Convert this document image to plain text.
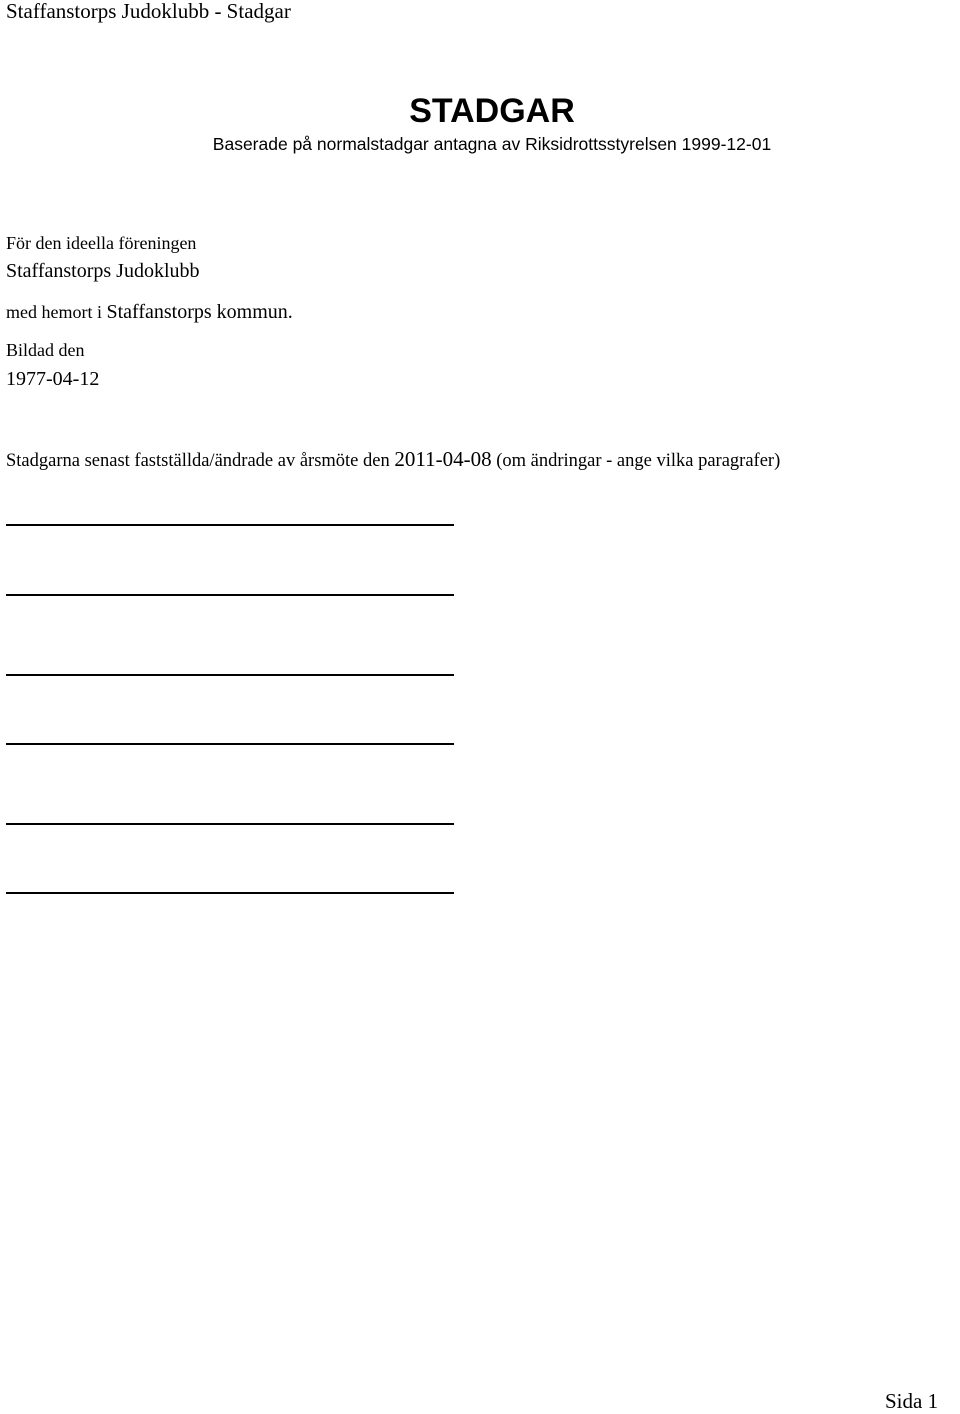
Staffanstorps Judoklubb - Stadgar
STADGAR
Baserade på normalstadgar antagna av Riksidrottsstyrelsen 1999-12-01
För den ideella föreningen
Staffanstorps Judoklubb
med hemort i Staffanstorps kommun.
Bildad den
1977-04-12
Stadgarna senast fastställda/ändrade av årsmöte den 2011-04-08 (om ändringar - ange vilka paragrafer)
Sida 1
